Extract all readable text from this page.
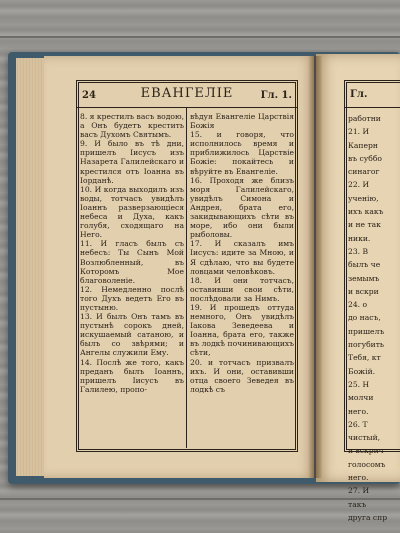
24	ЕВАНГЕЛIЕ	Гл. 1.

8. я крестилъ васъ водою, а Онъ будетъ крестить васъ Духомъ Святымъ.

9. И было въ тѣ дни, пришелъ Iисусъ изъ Назарета Галилейскаго и крестился отъ Iоанна въ Iорданѣ.

10. И когда выходилъ изъ воды, тотчасъ увидѣлъ Iоаннъ разверзающiеся небеса и Духа, какъ голубя, сходящаго на Него.

11. И гласъ былъ съ небесъ: Ты Сынъ Мой Возлюбленный, въ Которомъ Мое благоволенiе.

12. Немедленно послѣ того Духъ ведетъ Его въ пустыню.

13. И былъ Онъ тамъ въ пустынѣ сорокъ дней, искушаемый сатаною, и былъ со звѣрями; и Ангелы служили Ему.

14. Послѣ же того, какъ преданъ былъ Iоаннъ, пришелъ Iисусъ въ Галилею, пропо-

вѣдуя Евангелiе Царствiя Божiя

15. и говоря, что исполнилось время и приближилось Царствiе Божiе: покайтесь и вѣруйте въ Евангелiе.

16. Проходя же близъ моря Галилейскаго, увидѣлъ Симона и Андрея, брата его, закидывающихъ сѣти въ море, ибо они были рыболовы.

17. И сказалъ имъ Iисусъ: идите за Мною, и Я сдѣлаю, что вы будете ловцами человѣковъ.

18. И они тотчасъ, оставивши свои сѣти, послѣдовали за Нимъ.

19. И прошедъ оттуда немного, Онъ увидѣлъ Iакова Зеведеева и Iоанна, брата его, также въ лодкѣ починивающихъ сѣти,

20. и тотчасъ призвалъ ихъ. И они, оставивши отца своего Зеведея въ лодкѣ съ

Гл.
работни
21. И
Каперн
въ суббо
синагог
22. И
ученiю,
ихъ какъ
и не так
ники.
23. В
былъ че
земымъ
и вскри
24. о
до насъ,
пришелъ
погубить
Тебя, кт
Божiй.
25. Н
молчи
него.
26. Т
чистый,
и вскрич
голосомъ
него.
27. И
такъ
друга спр
